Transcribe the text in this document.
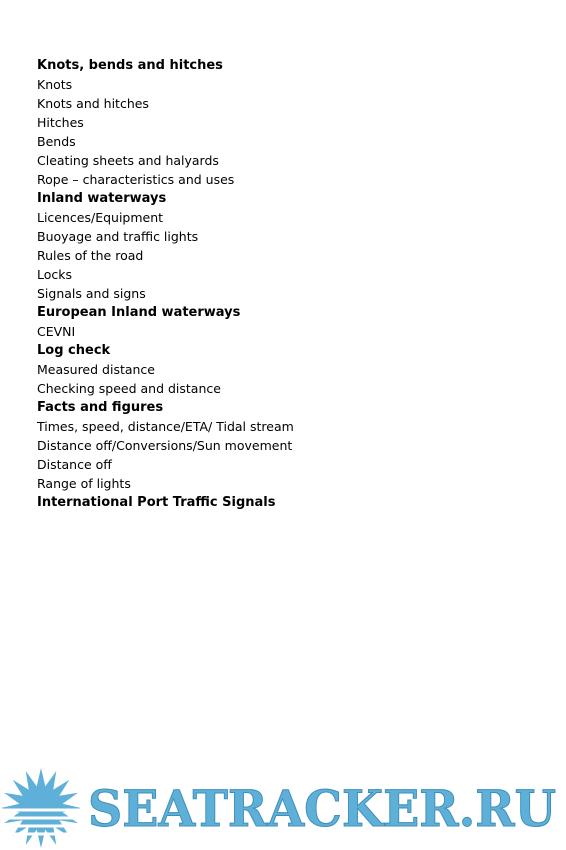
Knots, bends and hitches
Knots
Knots and hitches
Hitches
Bends
Cleating sheets and halyards
Rope – characteristics and uses
Inland waterways
Licences/Equipment
Buoyage and traffic lights
Rules of the road
Locks
Signals and signs
European Inland waterways
CEVNI
Log check
Measured distance
Checking speed and distance
Facts and figures
Times, speed, distance/ETA/ Tidal stream
Distance off/Conversions/Sun movement
Distance off
Range of lights
International Port Traffic Signals
SEATRACKER.RU
